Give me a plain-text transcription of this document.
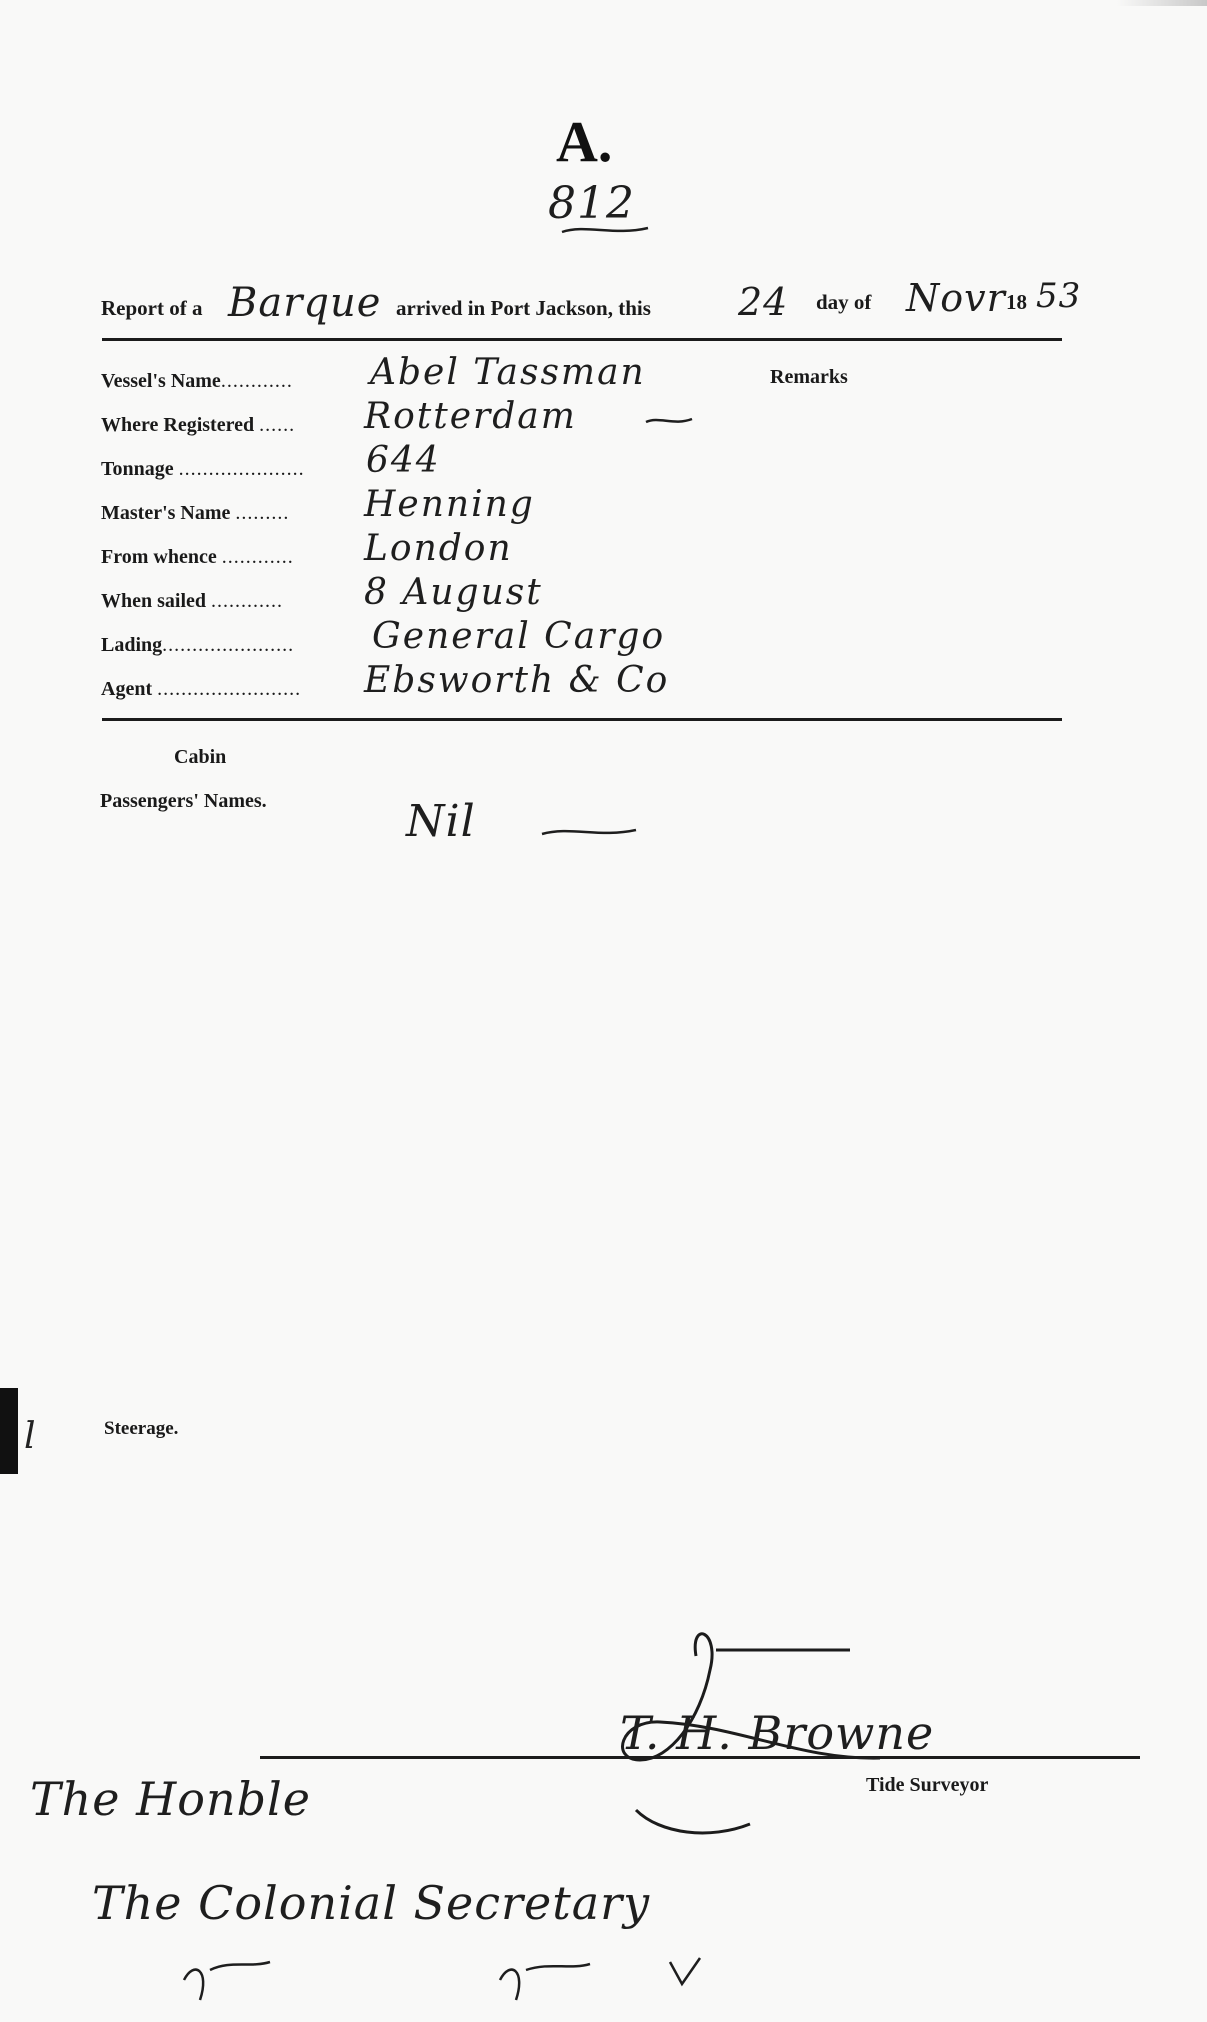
A.
812
Report of a Barque arrived in Port Jackson, this 24 day of Novr 18 53
Remarks
Vessel's Name............ Abel Tassman
Where Registered ...... Rotterdam
Tonnage ..................... 644
Master's Name ......... Henning
From whence ............ London
When sailed ............ 8 August
Lading...................... General Cargo
Agent ........................ Ebsworth & Co
Cabin
Passengers' Names.	Nil
l	Steerage.
T. H. Browne
Tide Surveyor
The Honble
The Colonial Secretary
